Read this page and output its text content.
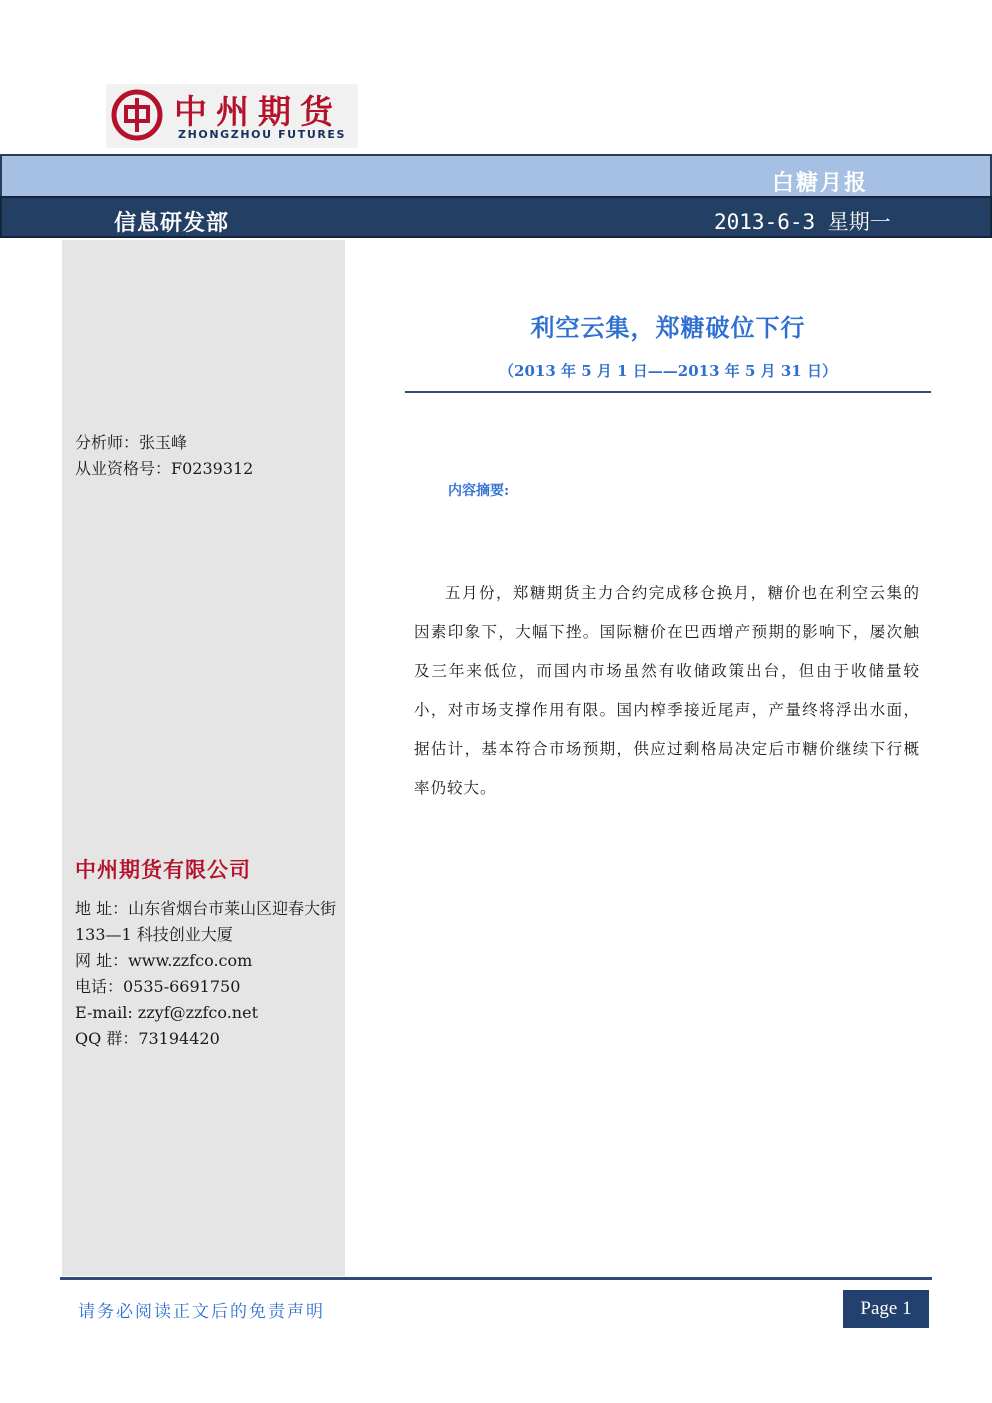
中州期货
ZHONGZHOU FUTURES
白糖月报
信息研发部	2013-6-3 星期一
分析师：张玉峰
从业资格号：F0239312
中州期货有限公司
地 址：山东省烟台市莱山区迎春大街 133—1 科技创业大厦
网 址：www.zzfco.com
电话：0535-6691750
E-mail: zzyf@zzfco.net
QQ 群：73194420
利空云集，郑糖破位下行
（2013 年 5 月 1 日——2013 年 5 月 31 日）
内容摘要:

五月份，郑糖期货主力合约完成移仓换月，糖价也在利空云集的因素印象下，大幅下挫。国际糖价在巴西增产预期的影响下，屡次触及三年来低位，而国内市场虽然有收储政策出台，但由于收储量较小，对市场支撑作用有限。国内榨季接近尾声，产量终将浮出水面，据估计，基本符合市场预期，供应过剩格局决定后市糖价继续下行概率仍较大。

请务必阅读正文后的免责声明	Page 1
